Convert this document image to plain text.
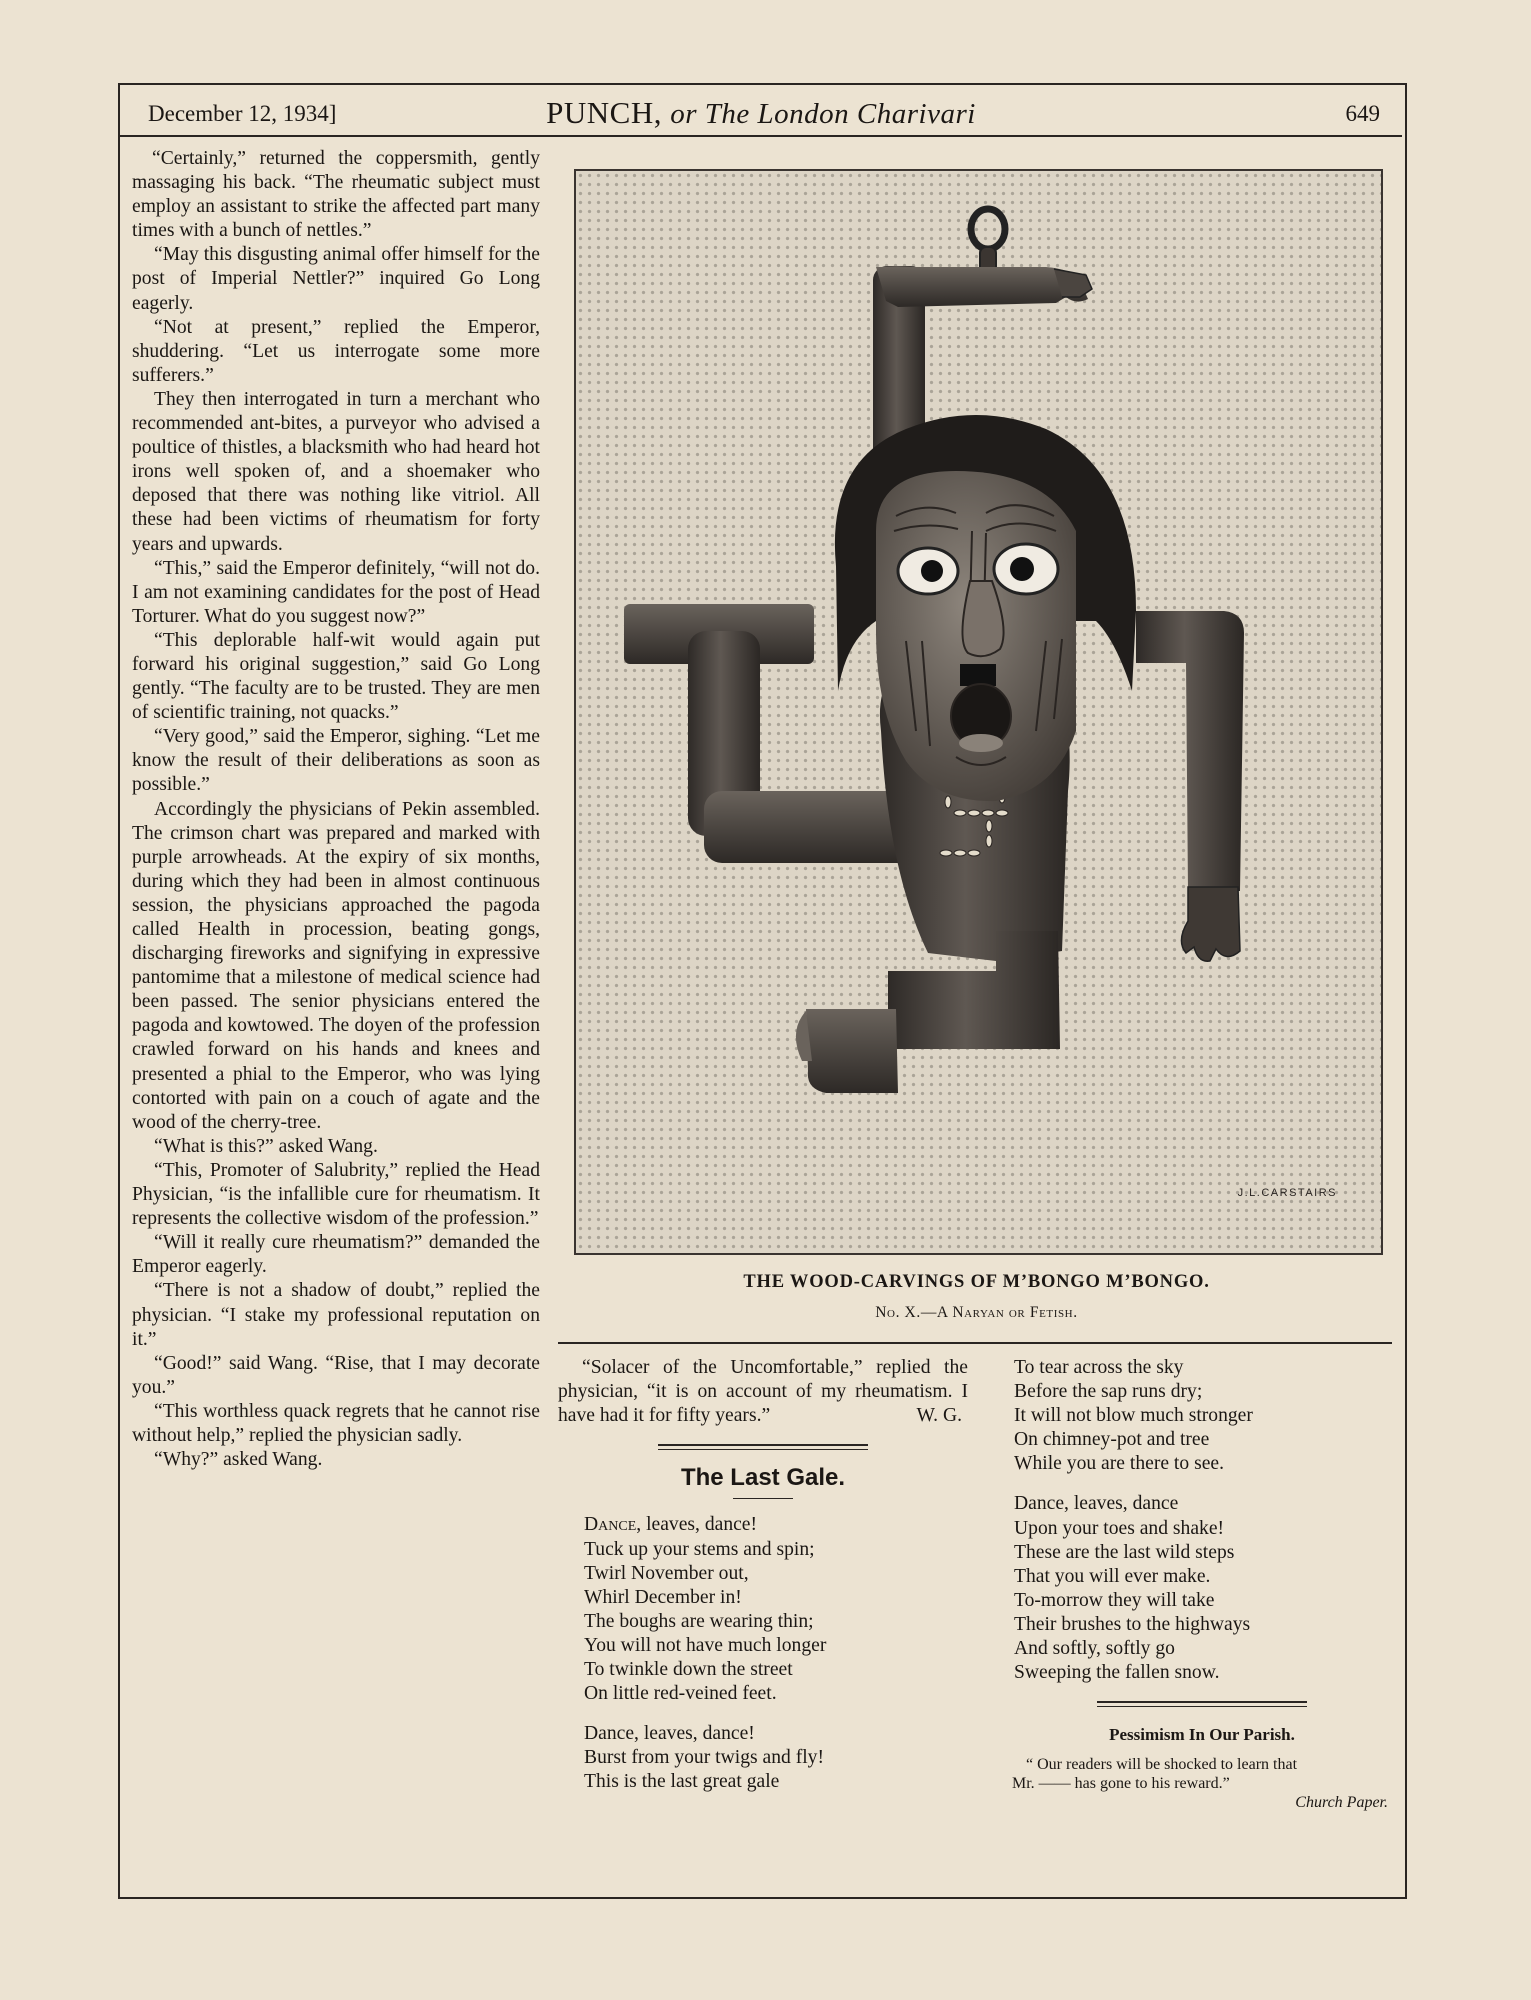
December 12, 1934]	PUNCH, or The London Charivari	649

“Certainly,” returned the coppersmith, gently massaging his back. “The rheumatic subject must employ an assistant to strike the affected part many times with a bunch of nettles.”

“May this disgusting animal offer himself for the post of Imperial Nettler?” inquired Go Long eagerly.

“Not at present,” replied the Emperor, shuddering. “Let us interrogate some more sufferers.”

They then interrogated in turn a merchant who recommended ant-bites, a purveyor who advised a poultice of thistles, a blacksmith who had heard hot irons well spoken of, and a shoemaker who deposed that there was nothing like vitriol. All these had been victims of rheumatism for forty years and upwards.

“This,” said the Emperor definitely, “will not do. I am not examining candidates for the post of Head Torturer. What do you suggest now?”

“This deplorable half-wit would again put forward his original suggestion,” said Go Long gently. “The faculty are to be trusted. They are men of scientific training, not quacks.”

“Very good,” said the Emperor, sighing. “Let me know the result of their deliberations as soon as possible.”

Accordingly the physicians of Pekin assembled. The crimson chart was prepared and marked with purple arrowheads. At the expiry of six months, during which they had been in almost continuous session, the physicians approached the pagoda called Health in procession, beating gongs, discharging fireworks and signifying in expressive pantomime that a milestone of medical science had been passed. The senior physicians entered the pagoda and kowtowed. The doyen of the profession crawled forward on his hands and knees and presented a phial to the Emperor, who was lying contorted with pain on a couch of agate and the wood of the cherry-tree.

“What is this?” asked Wang.

“This, Promoter of Salubrity,” replied the Head Physician, “is the infallible cure for rheumatism. It represents the collective wisdom of the profession.”

“Will it really cure rheumatism?” demanded the Emperor eagerly.

“There is not a shadow of doubt,” replied the physician. “I stake my professional reputation on it.”

“Good!” said Wang. “Rise, that I may decorate you.”

“This worthless quack regrets that he cannot rise without help,” replied the physician sadly.

“Why?” asked Wang.

J.L.CARSTAIRS
THE WOOD-CARVINGS OF M’BONGO M’BONGO.
No. X.—A Naryan or Fetish.

“Solacer of the Uncomfortable,” replied the physician, “it is on account of my rheumatism. I have had it for fifty years.”	W. G.
The Last Gale.
Dance, leaves, dance!
Tuck up your stems and spin;
Twirl November out,
Whirl December in!
The boughs are wearing thin;
You will not have much longer
To twinkle down the street
On little red-veined feet.
Dance, leaves, dance!
Burst from your twigs and fly!
This is the last great gale
To tear across the sky
Before the sap runs dry;
It will not blow much stronger
On chimney-pot and tree
While you are there to see.
Dance, leaves, dance
Upon your toes and shake!
These are the last wild steps
That you will ever make.
To-morrow they will take
Their brushes to the highways
And softly, softly go
Sweeping the fallen snow.
Pessimism In Our Parish.
“ Our readers will be shocked to learn that
Mr. —— has gone to his reward.”
Church Paper.
